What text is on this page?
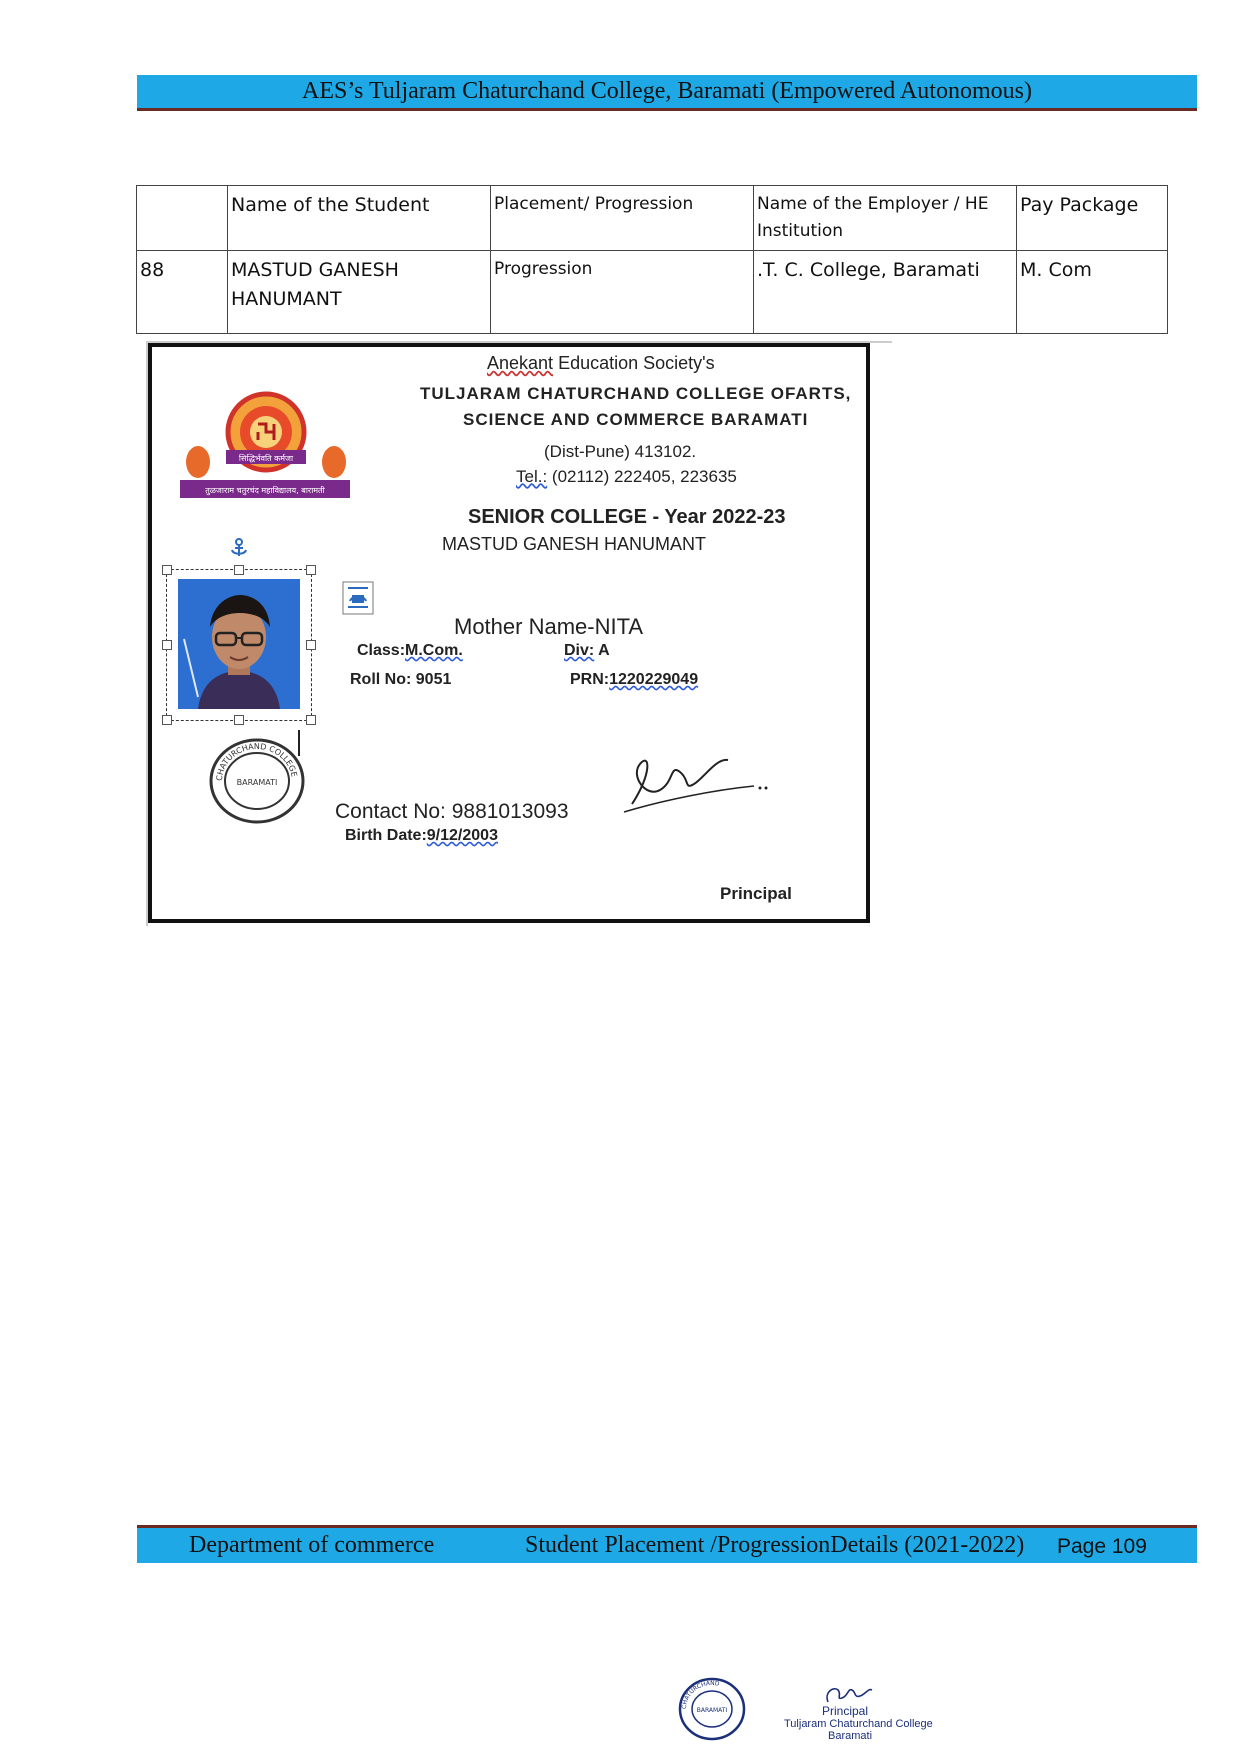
AES’s Tuljaram Chaturchand College, Baramati (Empowered Autonomous)
	Name of the Student	Placement/ Progression	Name of the Employer / HE Institution	Pay Package
88	MASTUD GANESH HANUMANT	Progression	.T. C. College, Baramati	M. Com
Anekant Education Society's
TULJARAM CHATURCHAND COLLEGE OFARTS,
SCIENCE AND COMMERCE BARAMATI
(Dist-Pune) 413102.
Tel.: (02112) 222405, 223635
SENIOR COLLEGE - Year 2022-23
MASTUD GANESH HANUMANT
Mother Name-NITA
Class:M.Com.	Div: A
Roll No: 9051	PRN:1220229049
Contact No: 9881013093
Birth Date:9/12/2003
Principal
सिद्धिर्भवति कर्मजा
तुळजाराम चतुरचंद महाविद्यालय, बारामती
CHATURCHAND COLLEGE
BARAMATI
Department of commerce	Student Placement /ProgressionDetails (2021-2022) Page 109
CHATURCHAND
BARAMATI	Principal
Tuljaram Chaturchand College
Baramati
